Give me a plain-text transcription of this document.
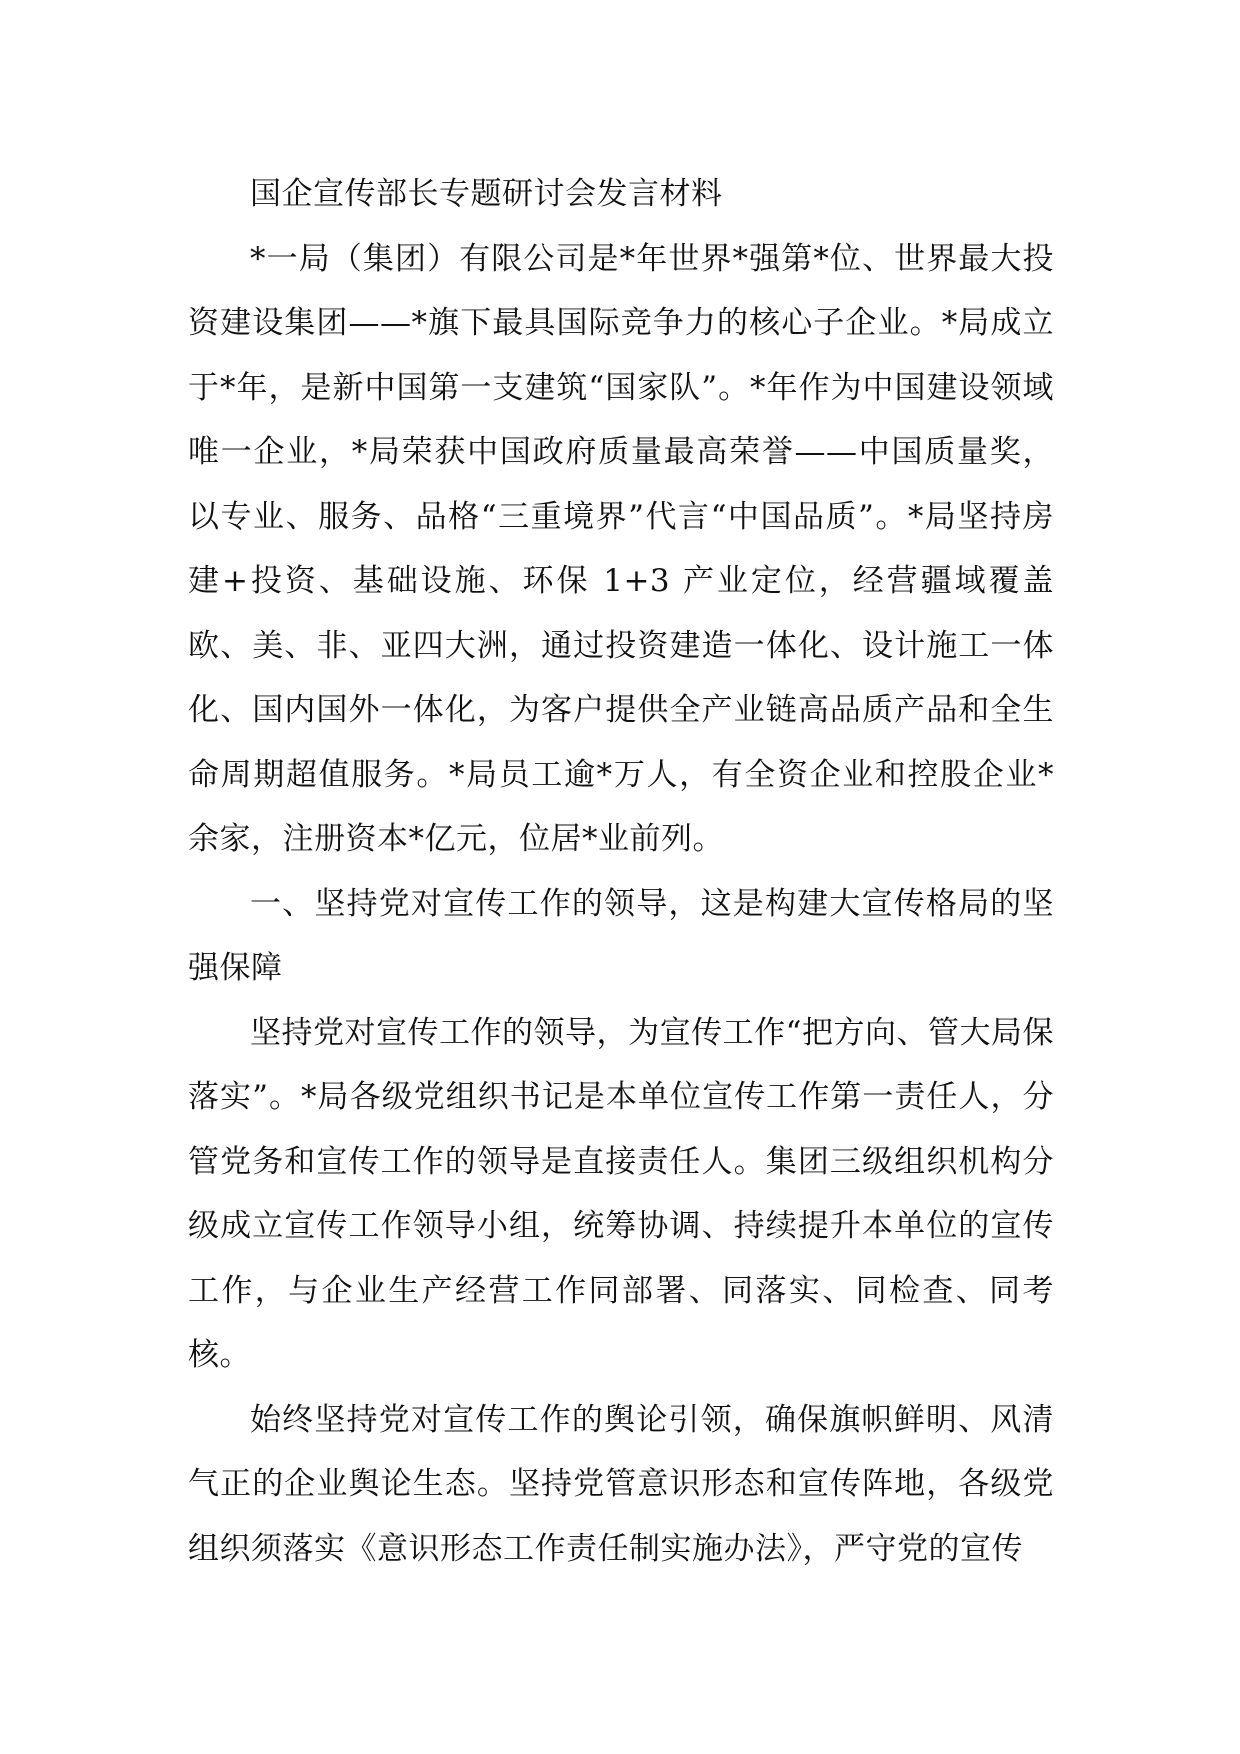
国企宣传部长专题研讨会发言材料

*一局（集团）有限公司是*年世界*强第*位、世界最大投资建设集团——*旗下最具国际竞争力的核心子企业。*局成立于*年，是新中国第一支建筑“国家队”。*年作为中国建设领域唯一企业，*局荣获中国政府质量最高荣誉——中国质量奖，以专业、服务、品格“三重境界”代言“中国品质”。*局坚持房建+投资、基础设施、环保 1+3 产业定位，经营疆域覆盖欧、美、非、亚四大洲，通过投资建造一体化、设计施工一体化、国内国外一体化，为客户提供全产业链高品质产品和全生命周期超值服务。*局员工逾*万人，有全资企业和控股企业*余家，注册资本*亿元，位居*业前列。

一、坚持党对宣传工作的领导，这是构建大宣传格局的坚强保障

坚持党对宣传工作的领导，为宣传工作“把方向、管大局保落实”。*局各级党组织书记是本单位宣传工作第一责任人，分管党务和宣传工作的领导是直接责任人。集团三级组织机构分级成立宣传工作领导小组，统筹协调、持续提升本单位的宣传工作，与企业生产经营工作同部署、同落实、同检查、同考核。

始终坚持党对宣传工作的舆论引领，确保旗帜鲜明、风清气正的企业舆论生态。坚持党管意识形态和宣传阵地，各级党组织须落实《意识形态工作责任制实施办法》，严守党的宣传
